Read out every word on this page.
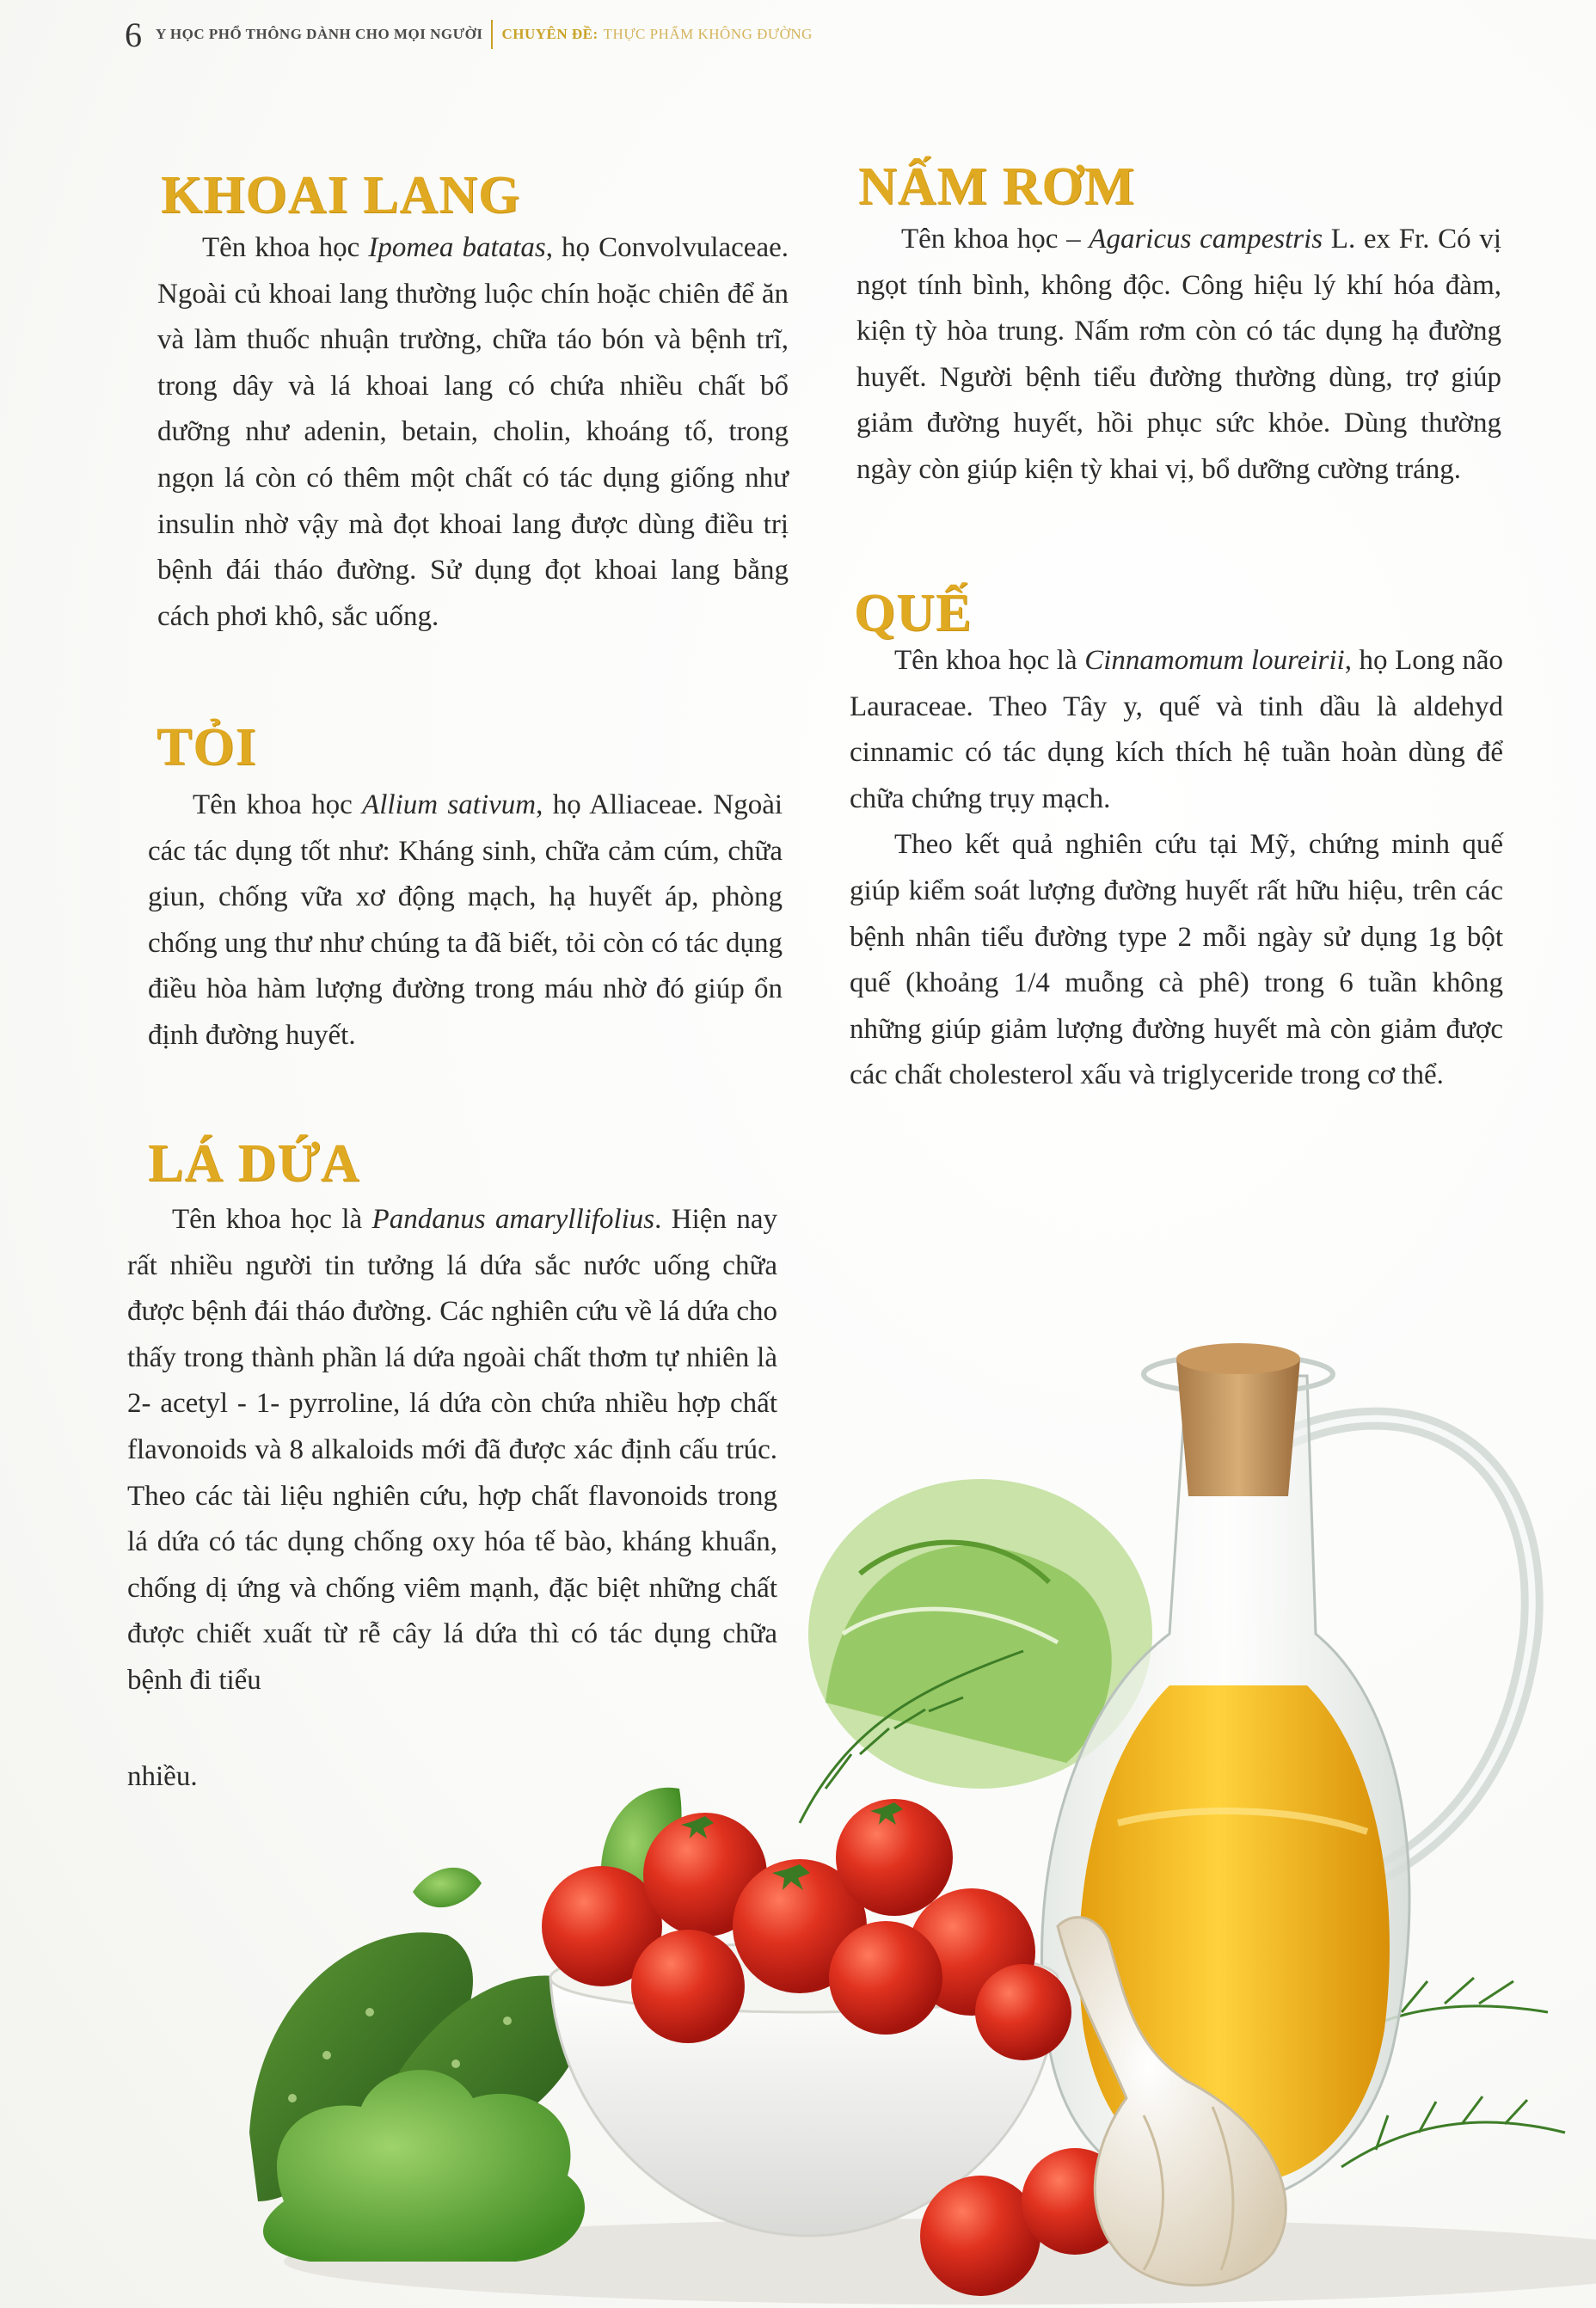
6 Y HỌC PHỔ THÔNG DÀNH CHO MỌI NGƯỜI CHUYÊN ĐỀ: THỰC PHẨM KHÔNG ĐƯỜNG
KHOAI LANG

Tên khoa học Ipomea batatas, họ Convolvulaceae. Ngoài củ khoai lang thường luộc chín hoặc chiên để ăn và làm thuốc nhuận trường, chữa táo bón và bệnh trĩ, trong dây và lá khoai lang có chứa nhiều chất bổ dưỡng như adenin, betain, cholin, khoáng tố, trong ngọn lá còn có thêm một chất có tác dụng giống như insulin nhờ vậy mà đọt khoai lang được dùng điều trị bệnh đái tháo đường. Sử dụng đọt khoai lang bằng cách phơi khô, sắc uống.

TỎI

Tên khoa học Allium sativum, họ Alliaceae. Ngoài các tác dụng tốt như: Kháng sinh, chữa cảm cúm, chữa giun, chống vữa xơ động mạch, hạ huyết áp, phòng chống ung thư như chúng ta đã biết, tỏi còn có tác dụng điều hòa hàm lượng đường trong máu nhờ đó giúp ổn định đường huyết.

LÁ DỨA

Tên khoa học là Pandanus amaryllifolius. Hiện nay rất nhiều người tin tưởng lá dứa sắc nước uống chữa được bệnh đái tháo đường. Các nghiên cứu về lá dứa cho thấy trong thành phần lá dứa ngoài chất thơm tự nhiên là 2- acetyl - 1- pyrroline, lá dứa còn chứa nhiều hợp chất flavonoids và 8 alkaloids mới đã được xác định cấu trúc. Theo các tài liệu nghiên cứu, hợp chất flavonoids trong lá dứa có tác dụng chống oxy hóa tế bào, kháng khuẩn, chống dị ứng và chống viêm mạnh, đặc biệt những chất được chiết xuất từ rễ cây lá dứa thì có tác dụng chữa bệnh đi tiểu

nhiều.

NẤM RƠM

Tên khoa học – Agaricus campestris L. ex Fr. Có vị ngọt tính bình, không độc. Công hiệu lý khí hóa đàm, kiện tỳ hòa trung. Nấm rơm còn có tác dụng hạ đường huyết. Người bệnh tiểu đường thường dùng, trợ giúp giảm đường huyết, hồi phục sức khỏe. Dùng thường ngày còn giúp kiện tỳ khai vị, bổ dưỡng cường tráng.

QUẾ

Tên khoa học là Cinnamomum loureirii, họ Long não Lauraceae. Theo Tây y, quế và tinh dầu là aldehyd cinnamic có tác dụng kích thích hệ tuần hoàn dùng để chữa chứng trụy mạch.

Theo kết quả nghiên cứu tại Mỹ, chứng minh quế giúp kiểm soát lượng đường huyết rất hữu hiệu, trên các bệnh nhân tiểu đường type 2 mỗi ngày sử dụng 1g bột quế (khoảng 1/4 muỗng cà phê) trong 6 tuần không những giúp giảm lượng đường huyết mà còn giảm được các chất cholesterol xấu và triglyceride trong cơ thể.
